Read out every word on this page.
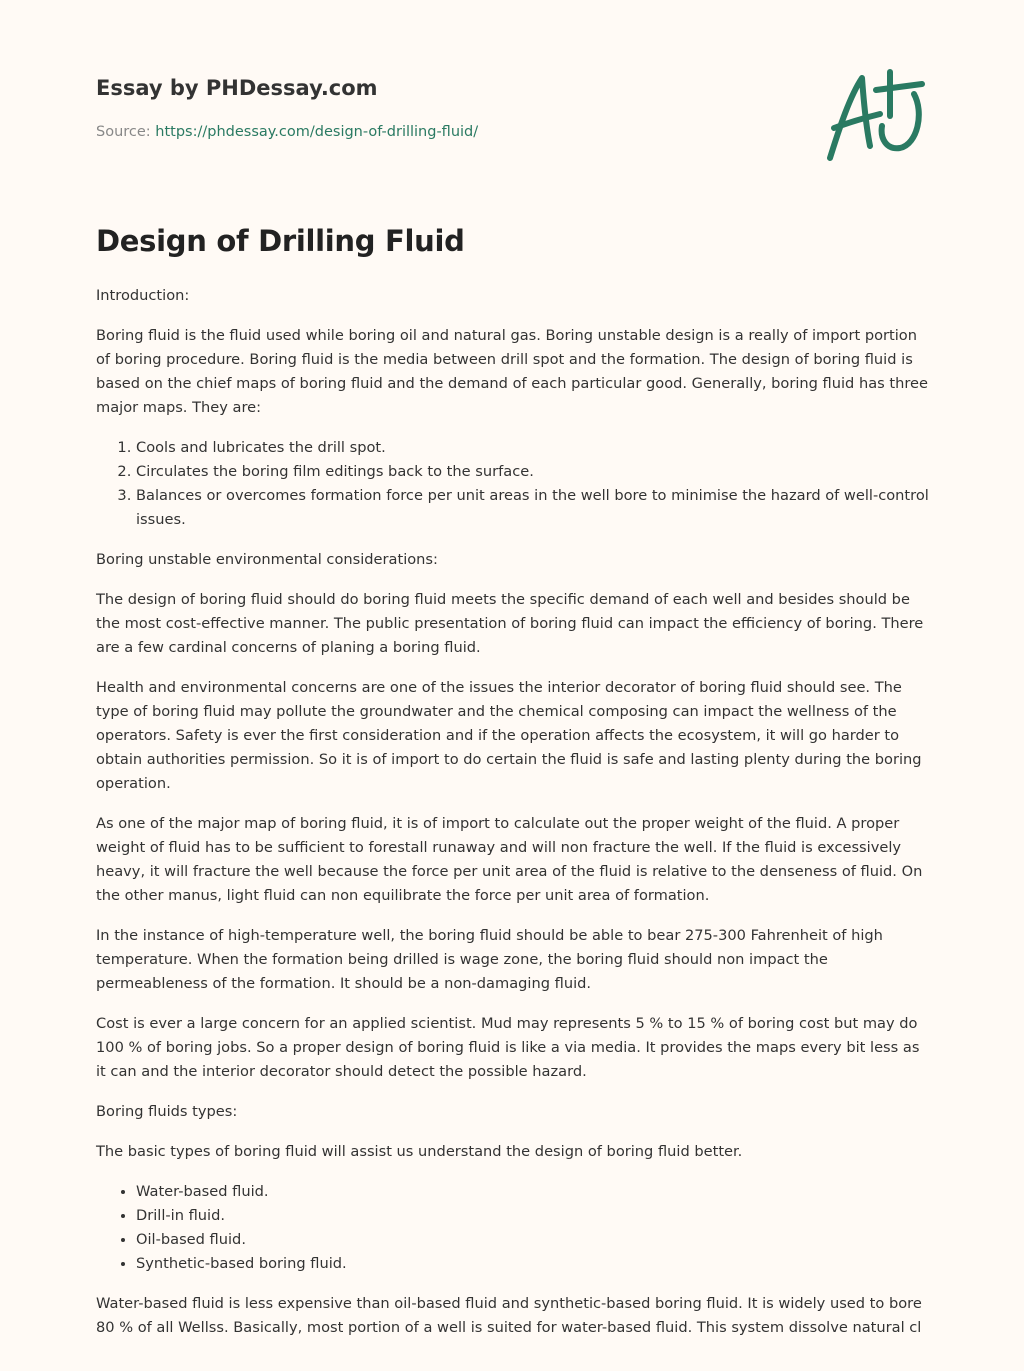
Essay by PHDessay.com
Source: https://phdessay.com/design-of-drilling-fluid/
Design of Drilling Fluid

Introduction:

Boring fluid is the fluid used while boring oil and natural gas. Boring unstable design is a really of import portion of boring procedure. Boring fluid is the media between drill spot and the formation. The design of boring fluid is based on the chief maps of boring fluid and the demand of each particular good. Generally, boring fluid has three major maps. They are:

1. Cools and lubricates the drill spot.
2. Circulates the boring film editings back to the surface.
3. Balances or overcomes formation force per unit areas in the well bore to minimise the hazard of well-control issues.

Boring unstable environmental considerations:

The design of boring fluid should do boring fluid meets the specific demand of each well and besides should be the most cost-effective manner. The public presentation of boring fluid can impact the efficiency of boring. There are a few cardinal concerns of planing a boring fluid.

Health and environmental concerns are one of the issues the interior decorator of boring fluid should see. The type of boring fluid may pollute the groundwater and the chemical composing can impact the wellness of the operators. Safety is ever the first consideration and if the operation affects the ecosystem, it will go harder to obtain authorities permission. So it is of import to do certain the fluid is safe and lasting plenty during the boring operation.

As one of the major map of boring fluid, it is of import to calculate out the proper weight of the fluid. A proper weight of fluid has to be sufficient to forestall runaway and will non fracture the well. If the fluid is excessively heavy, it will fracture the well because the force per unit area of the fluid is relative to the denseness of fluid. On the other manus, light fluid can non equilibrate the force per unit area of formation.

In the instance of high-temperature well, the boring fluid should be able to bear 275-300 Fahrenheit of high temperature. When the formation being drilled is wage zone, the boring fluid should non impact the permeableness of the formation. It should be a non-damaging fluid.

Cost is ever a large concern for an applied scientist. Mud may represents 5 % to 15 % of boring cost but may do 100 % of boring jobs. So a proper design of boring fluid is like a via media. It provides the maps every bit less as it can and the interior decorator should detect the possible hazard.

Boring fluids types:

The basic types of boring fluid will assist us understand the design of boring fluid better.

• Water-based fluid.
• Drill-in fluid.
• Oil-based fluid.
• Synthetic-based boring fluid.

Water-based fluid is less expensive than oil-based fluid and synthetic-based boring fluid. It is widely used to bore 80 % of all Wellss. Basically, most portion of a well is suited for water-based fluid. This system dissolve natural cl
